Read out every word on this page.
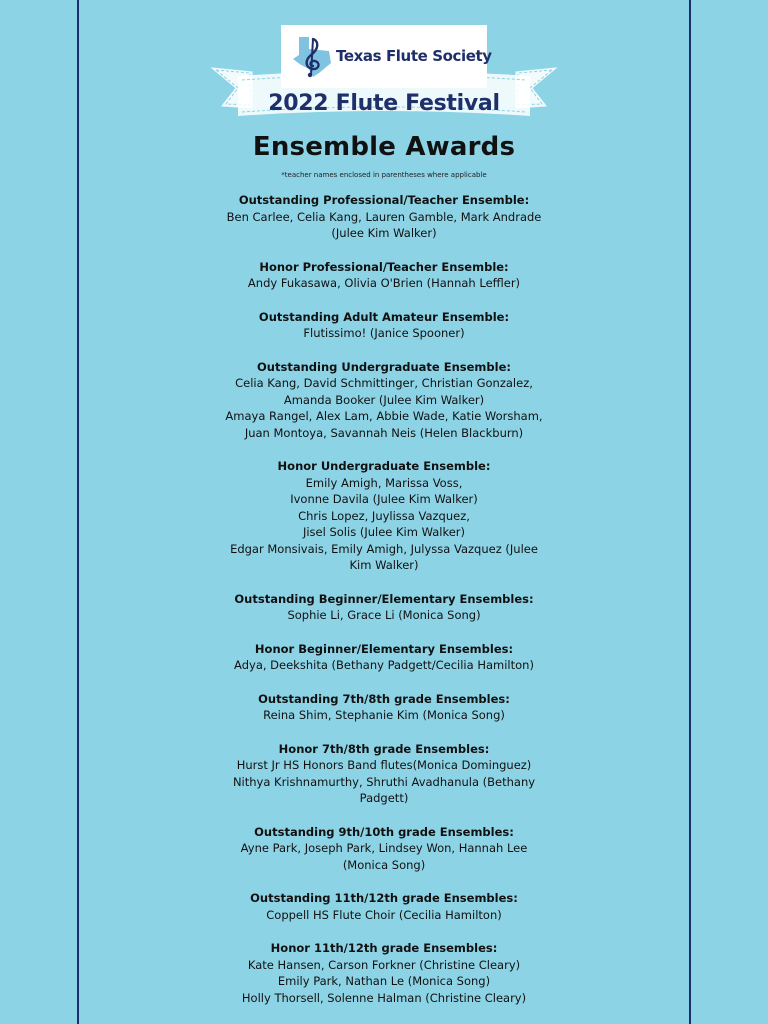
Texas Flute Society
2022 Flute Festival
Ensemble Awards
*teacher names enclosed in parentheses where applicable
Outstanding Professional/Teacher Ensemble:
Ben Carlee, Celia Kang, Lauren Gamble, Mark Andrade
(Julee Kim Walker)
Honor Professional/Teacher Ensemble:
Andy Fukasawa, Olivia O'Brien (Hannah Leffler)
Outstanding Adult Amateur Ensemble:
Flutissimo! (Janice Spooner)
Outstanding Undergraduate Ensemble:
Celia Kang, David Schmittinger, Christian Gonzalez,
Amanda Booker (Julee Kim Walker)
Amaya Rangel, Alex Lam, Abbie Wade, Katie Worsham,
Juan Montoya, Savannah Neis (Helen Blackburn)
Honor Undergraduate Ensemble:
Emily Amigh, Marissa Voss,
Ivonne Davila (Julee Kim Walker)
Chris Lopez, Juylissa Vazquez,
Jisel Solis (Julee Kim Walker)
Edgar Monsivais, Emily Amigh, Julyssa Vazquez (Julee
Kim Walker)
Outstanding Beginner/Elementary Ensembles:
Sophie Li, Grace Li (Monica Song)
Honor Beginner/Elementary Ensembles:
Adya, Deekshita (Bethany Padgett/Cecilia Hamilton)
Outstanding 7th/8th grade Ensembles:
Reina Shim, Stephanie Kim (Monica Song)
Honor 7th/8th grade Ensembles:
Hurst Jr HS Honors Band flutes(Monica Dominguez)
Nithya Krishnamurthy, Shruthi Avadhanula (Bethany
Padgett)
Outstanding 9th/10th grade Ensembles:
Ayne Park, Joseph Park, Lindsey Won, Hannah Lee
(Monica Song)
Outstanding 11th/12th grade Ensembles:
Coppell HS Flute Choir (Cecilia Hamilton)
Honor 11th/12th grade Ensembles:
Kate Hansen, Carson Forkner (Christine Cleary)
Emily Park, Nathan Le (Monica Song)
Holly Thorsell, Solenne Halman (Christine Cleary)
